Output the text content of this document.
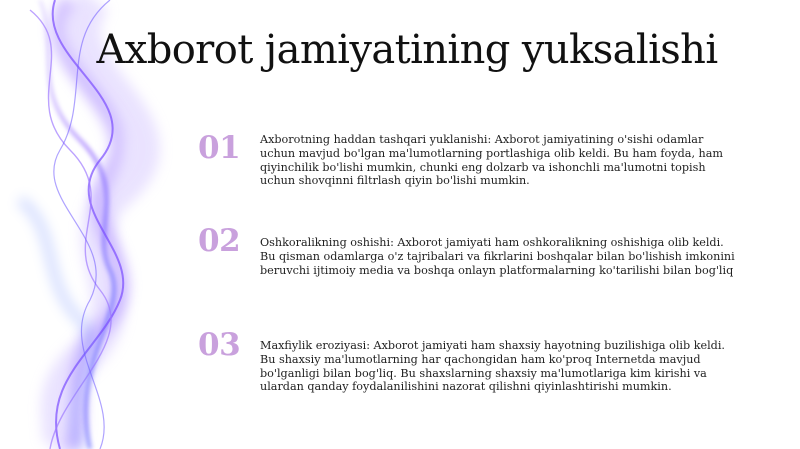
Axborot jamiyatining yuksalishi
01	Axborotning haddan tashqari yuklanishi: Axborot jamiyatining o'sishi odamlar uchun mavjud bo'lgan ma'lumotlarning portlashiga olib keldi. Bu ham foyda, ham qiyinchilik bo'lishi mumkin, chunki eng dolzarb va ishonchli ma'lumotni topish uchun shovqinni filtrlash qiyin bo'lishi mumkin.
02	Oshkoralikning oshishi: Axborot jamiyati ham oshkoralikning oshishiga olib keldi. Bu qisman odamlarga o'z tajribalari va fikrlarini boshqalar bilan bo'lishish imkonini beruvchi ijtimoiy media va boshqa onlayn platformalarning ko'tarilishi bilan bog'liq
03	Maxfiylik eroziyasi: Axborot jamiyati ham shaxsiy hayotning buzilishiga olib keldi. Bu shaxsiy ma'lumotlarning har qachongidan ham ko'proq Internetda mavjud bo'lganligi bilan bog'liq. Bu shaxslarning shaxsiy ma'lumotlariga kim kirishi va ulardan qanday foydalanilishini nazorat qilishni qiyinlashtirishi mumkin.
